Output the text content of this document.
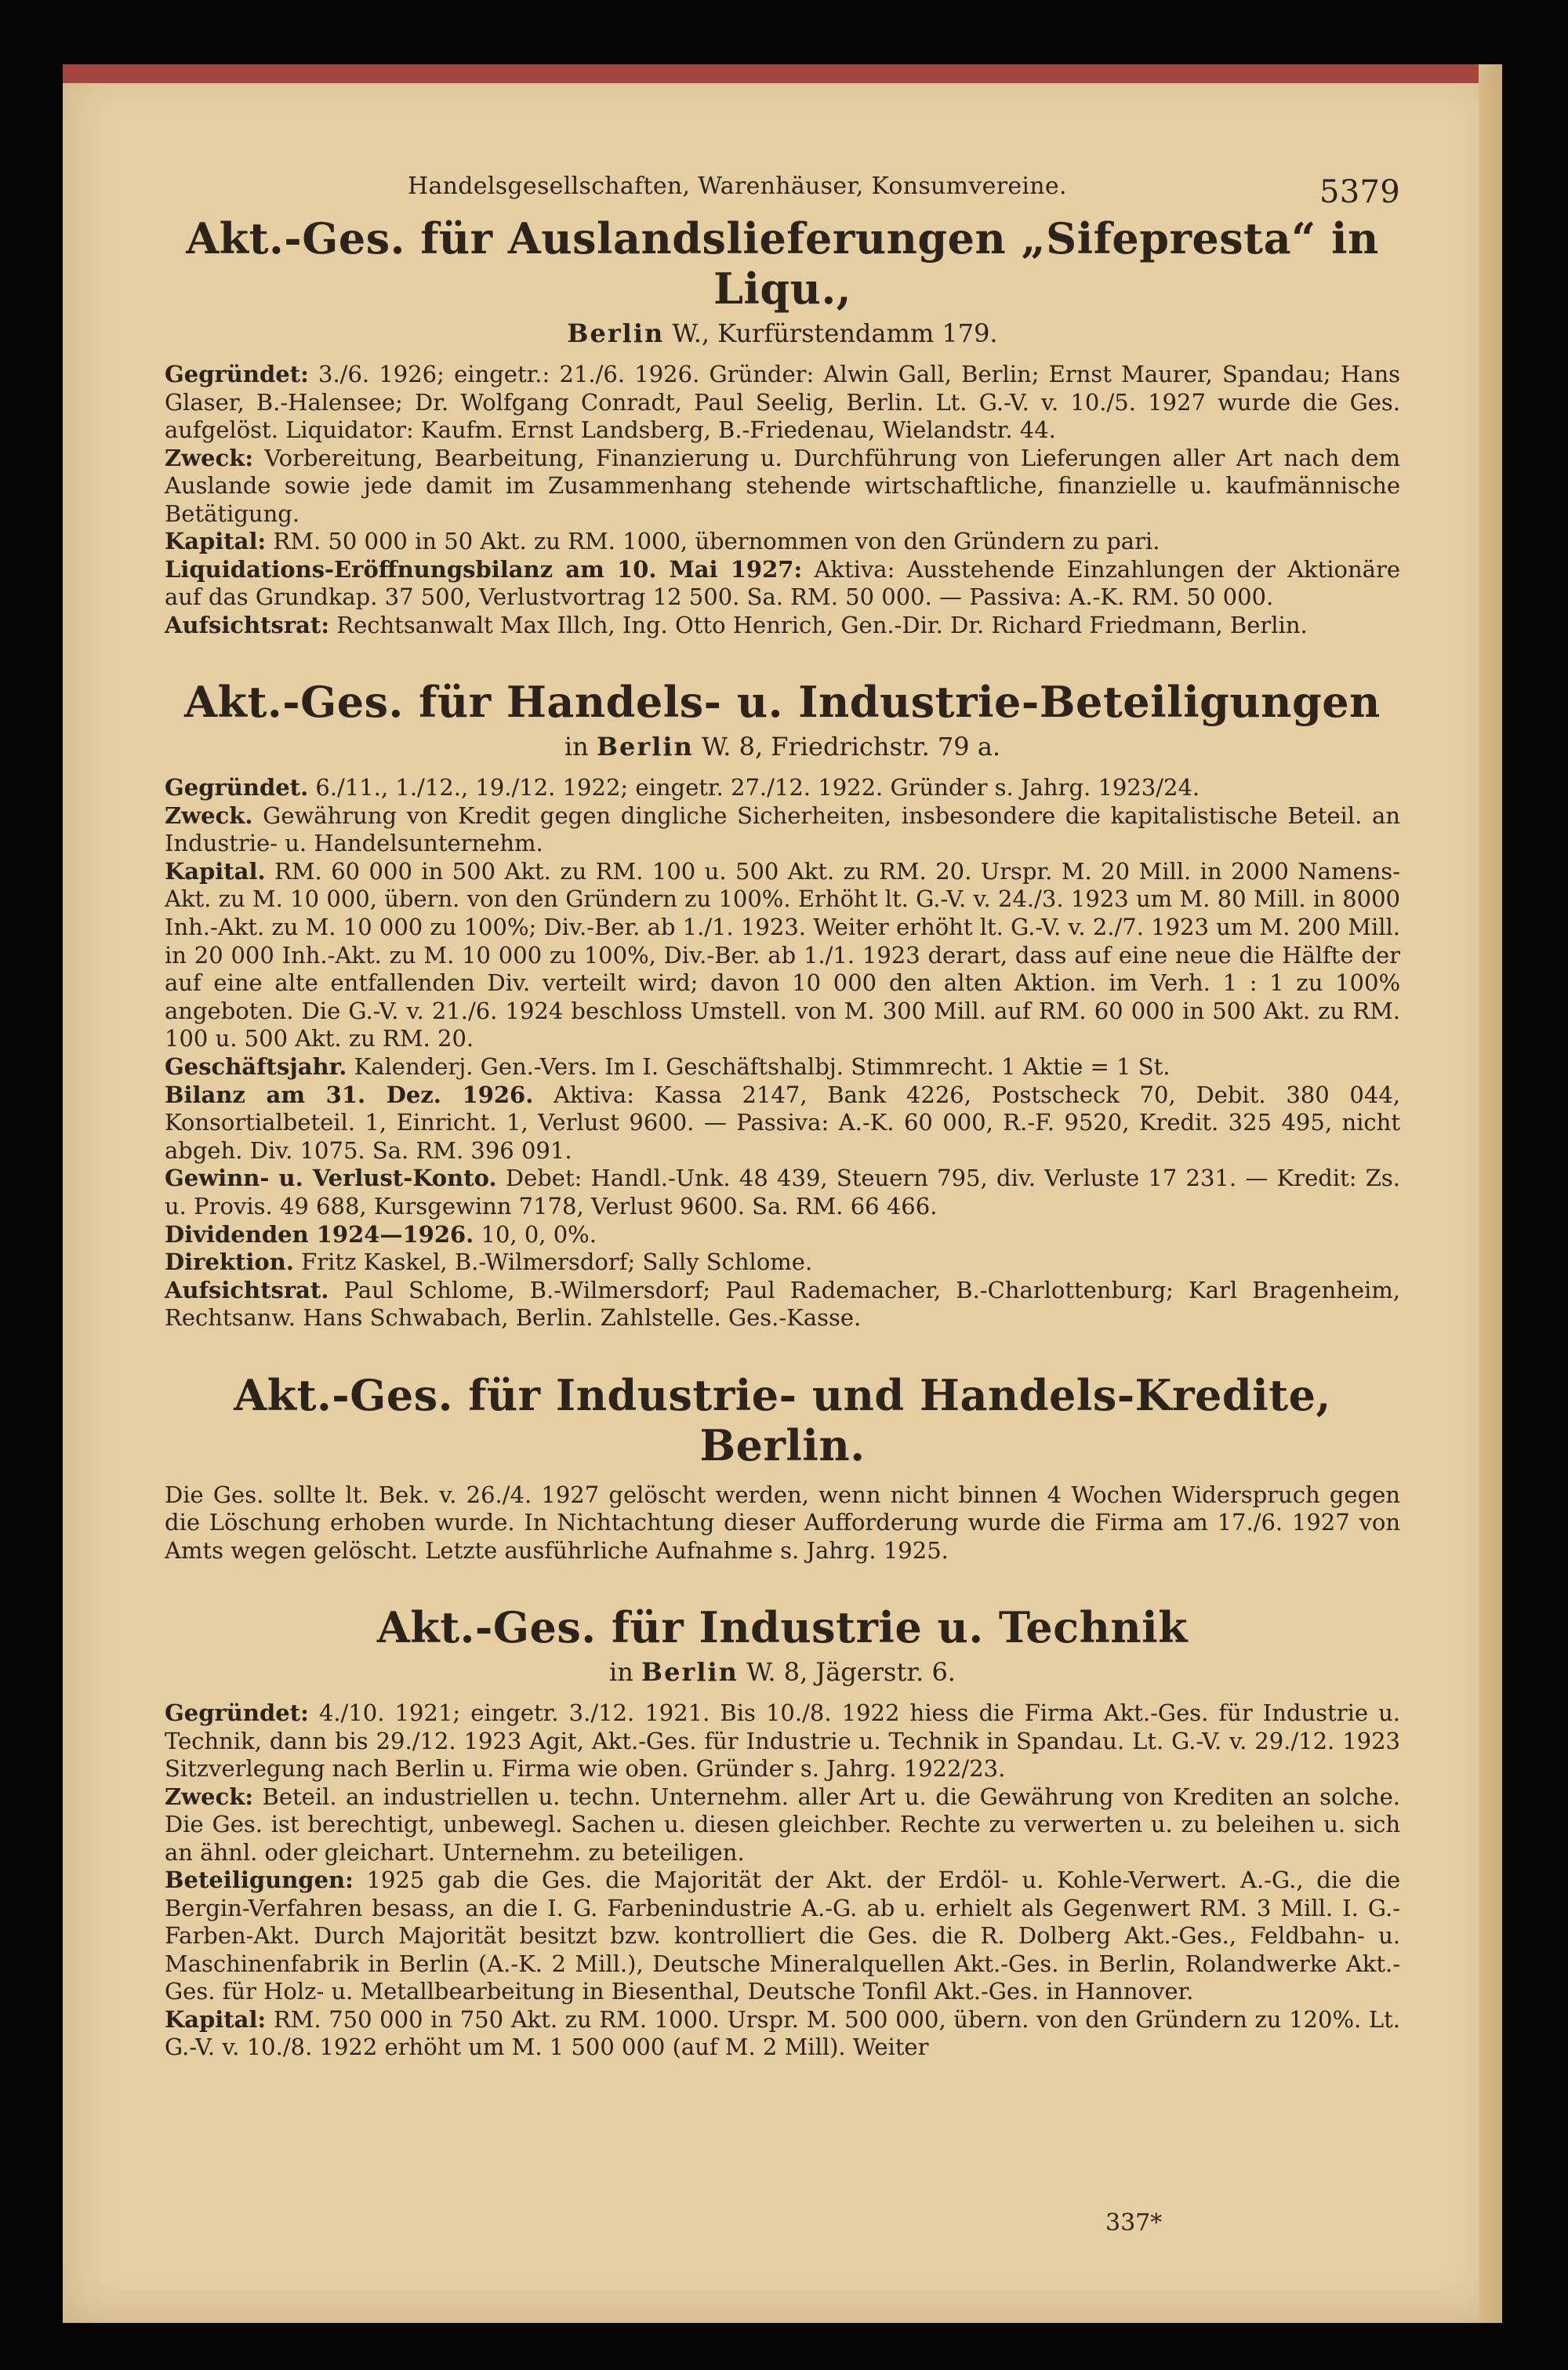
Handelsgesellschaften, Warenhäuser, Konsumvereine.	5379
Akt.-Ges. für Auslandslieferungen „Sifepresta“ in Liqu.,
Berlin W., Kurfürstendamm 179.

Gegründet: 3./6. 1926; eingetr.: 21./6. 1926. Gründer: Alwin Gall, Berlin; Ernst Maurer, Spandau; Hans Glaser, B.-Halensee; Dr. Wolfgang Conradt, Paul Seelig, Berlin. Lt. G.-V. v. 10./5. 1927 wurde die Ges. aufgelöst. Liquidator: Kaufm. Ernst Landsberg, B.-Friedenau, Wielandstr. 44.

Zweck: Vorbereitung, Bearbeitung, Finanzierung u. Durchführung von Lieferungen aller Art nach dem Auslande sowie jede damit im Zusammenhang stehende wirtschaftliche, finanzielle u. kaufmännische Betätigung.

Kapital: RM. 50 000 in 50 Akt. zu RM. 1000, übernommen von den Gründern zu pari.

Liquidations-Eröffnungsbilanz am 10. Mai 1927: Aktiva: Ausstehende Einzahlungen der Aktionäre auf das Grundkap. 37 500, Verlustvortrag 12 500. Sa. RM. 50 000. — Passiva: A.-K. RM. 50 000.

Aufsichtsrat: Rechtsanwalt Max Illch, Ing. Otto Henrich, Gen.-Dir. Dr. Richard Friedmann, Berlin.

Akt.-Ges. für Handels- u. Industrie-Beteiligungen
in Berlin W. 8, Friedrichstr. 79 a.

Gegründet. 6./11., 1./12., 19./12. 1922; eingetr. 27./12. 1922. Gründer s. Jahrg. 1923/24.

Zweck. Gewährung von Kredit gegen dingliche Sicherheiten, insbesondere die kapitalistische Beteil. an Industrie- u. Handelsunternehm.

Kapital. RM. 60 000 in 500 Akt. zu RM. 100 u. 500 Akt. zu RM. 20. Urspr. M. 20 Mill. in 2000 Namens-Akt. zu M. 10 000, übern. von den Gründern zu 100%. Erhöht lt. G.-V. v. 24./3. 1923 um M. 80 Mill. in 8000 Inh.-Akt. zu M. 10 000 zu 100%; Div.-Ber. ab 1./1. 1923. Weiter erhöht lt. G.-V. v. 2./7. 1923 um M. 200 Mill. in 20 000 Inh.-Akt. zu M. 10 000 zu 100%, Div.-Ber. ab 1./1. 1923 derart, dass auf eine neue die Hälfte der auf eine alte entfallenden Div. verteilt wird; davon 10 000 den alten Aktion. im Verh. 1 : 1 zu 100% angeboten. Die G.-V. v. 21./6. 1924 beschloss Umstell. von M. 300 Mill. auf RM. 60 000 in 500 Akt. zu RM. 100 u. 500 Akt. zu RM. 20.

Geschäftsjahr. Kalenderj. Gen.-Vers. Im I. Geschäftshalbj. Stimmrecht. 1 Aktie = 1 St.

Bilanz am 31. Dez. 1926. Aktiva: Kassa 2147, Bank 4226, Postscheck 70, Debit. 380 044, Konsortialbeteil. 1, Einricht. 1, Verlust 9600. — Passiva: A.-K. 60 000, R.-F. 9520, Kredit. 325 495, nicht abgeh. Div. 1075. Sa. RM. 396 091.

Gewinn- u. Verlust-Konto. Debet: Handl.-Unk. 48 439, Steuern 795, div. Verluste 17 231. — Kredit: Zs. u. Provis. 49 688, Kursgewinn 7178, Verlust 9600. Sa. RM. 66 466.

Dividenden 1924—1926. 10, 0, 0%.

Direktion. Fritz Kaskel, B.-Wilmersdorf; Sally Schlome.

Aufsichtsrat. Paul Schlome, B.-Wilmersdorf; Paul Rademacher, B.-Charlottenburg; Karl Bragenheim, Rechtsanw. Hans Schwabach, Berlin. Zahlstelle. Ges.-Kasse.

Akt.-Ges. für Industrie- und Handels-Kredite, Berlin.

Die Ges. sollte lt. Bek. v. 26./4. 1927 gelöscht werden, wenn nicht binnen 4 Wochen Widerspruch gegen die Löschung erhoben wurde. In Nichtachtung dieser Aufforderung wurde die Firma am 17./6. 1927 von Amts wegen gelöscht. Letzte ausführliche Aufnahme s. Jahrg. 1925.

Akt.-Ges. für Industrie u. Technik
in Berlin W. 8, Jägerstr. 6.

Gegründet: 4./10. 1921; eingetr. 3./12. 1921. Bis 10./8. 1922 hiess die Firma Akt.-Ges. für Industrie u. Technik, dann bis 29./12. 1923 Agit, Akt.-Ges. für Industrie u. Technik in Spandau. Lt. G.-V. v. 29./12. 1923 Sitzverlegung nach Berlin u. Firma wie oben. Gründer s. Jahrg. 1922/23.

Zweck: Beteil. an industriellen u. techn. Unternehm. aller Art u. die Gewährung von Krediten an solche. Die Ges. ist berechtigt, unbewegl. Sachen u. diesen gleichber. Rechte zu verwerten u. zu beleihen u. sich an ähnl. oder gleichart. Unternehm. zu beteiligen.

Beteiligungen: 1925 gab die Ges. die Majorität der Akt. der Erdöl- u. Kohle-Verwert. A.-G., die die Bergin-Verfahren besass, an die I. G. Farbenindustrie A.-G. ab u. erhielt als Gegenwert RM. 3 Mill. I. G.-Farben-Akt. Durch Majorität besitzt bzw. kontrolliert die Ges. die R. Dolberg Akt.-Ges., Feldbahn- u. Maschinenfabrik in Berlin (A.-K. 2 Mill.), Deutsche Mineralquellen Akt.-Ges. in Berlin, Rolandwerke Akt.-Ges. für Holz- u. Metallbearbeitung in Biesenthal, Deutsche Tonfil Akt.-Ges. in Hannover.

Kapital: RM. 750 000 in 750 Akt. zu RM. 1000. Urspr. M. 500 000, übern. von den Gründern zu 120%. Lt. G.-V. v. 10./8. 1922 erhöht um M. 1 500 000 (auf M. 2 Mill). Weiter

337*
